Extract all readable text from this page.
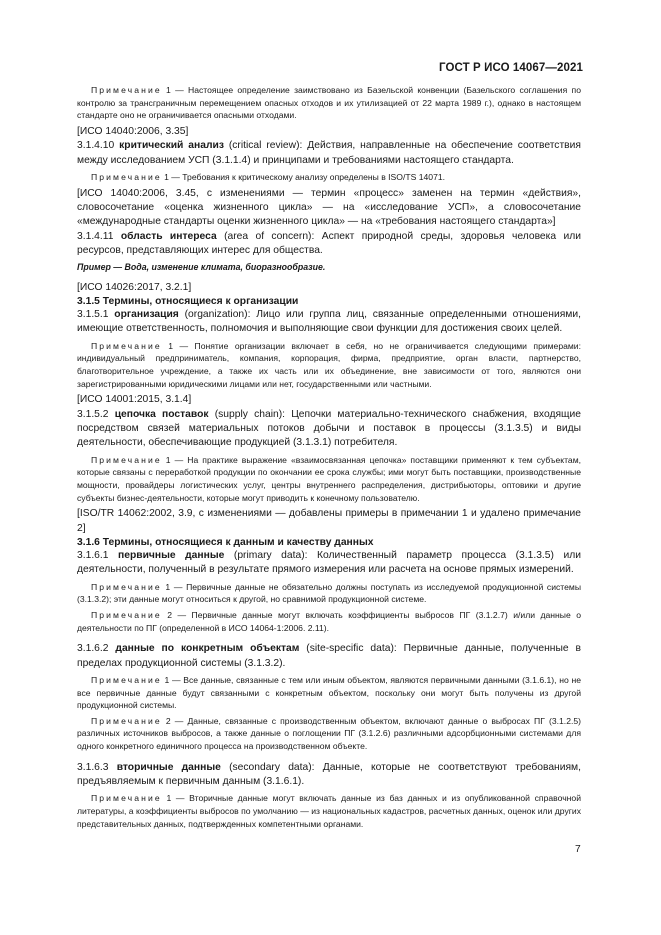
ГОСТ Р ИСО 14067—2021

Примечание 1 — Настоящее определение заимствовано из Базельской конвенции (Базельского соглашения по контролю за трансграничным перемещением опасных отходов и их утилизацией от 22 марта 1989 г.), однако в настоящем стандарте оно не ограничивается опасными отходами.

[ИСО 14040:2006, 3.35]

3.1.4.10 критический анализ (critical review): Действия, направленные на обеспечение соответствия между исследованием УСП (3.1.1.4) и принципами и требованиями настоящего стандарта.

Примечание 1 — Требования к критическому анализу определены в ISO/TS 14071.

[ИСО 14040:2006, 3.45, с изменениями — термин «процесс» заменен на термин «действия», словосочетание «оценка жизненного цикла» — на «исследование УСП», а словосочетание «международные стандарты оценки жизненного цикла» — на «требования настоящего стандарта»]

3.1.4.11 область интереса (area of concern): Аспект природной среды, здоровья человека или ресурсов, представляющих интерес для общества.

Пример — Вода, изменение климата, биоразнообразие.

[ИСО 14026:2017, 3.2.1]

3.1.5 Термины, относящиеся к организации

3.1.5.1 организация (organization): Лицо или группа лиц, связанные определенными отношениями, имеющие ответственность, полномочия и выполняющие свои функции для достижения своих целей.

Примечание 1 — Понятие организации включает в себя, но не ограничивается следующими примерами: индивидуальный предприниматель, компания, корпорация, фирма, предприятие, орган власти, партнерство, благотворительное учреждение, а также их часть или их объединение, вне зависимости от того, являются они зарегистрированными юридическими лицами или нет, государственными или частными.

[ИСО 14001:2015, 3.1.4]

3.1.5.2 цепочка поставок (supply chain): Цепочки материально-технического снабжения, входящие посредством связей материальных потоков добычи и поставок в процессы (3.1.3.5) и виды деятельности, обеспечивающие продукцией (3.1.3.1) потребителя.

Примечание 1 — На практике выражение «взаимосвязанная цепочка» поставщики применяют к тем субъектам, которые связаны с переработкой продукции по окончании ее срока службы; ими могут быть поставщики, производственные мощности, провайдеры логистических услуг, центры внутреннего распределения, дистрибьюторы, оптовики и другие субъекты бизнес-деятельности, которые могут приводить к конечному пользователю.

[ISO/TR 14062:2002, 3.9, с изменениями — добавлены примеры в примечании 1 и удалено примечание 2]

3.1.6 Термины, относящиеся к данным и качеству данных

3.1.6.1 первичные данные (primary data): Количественный параметр процесса (3.1.3.5) или деятельности, полученный в результате прямого измерения или расчета на основе прямых измерений.

Примечание 1 — Первичные данные не обязательно должны поступать из исследуемой продукционной системы (3.1.3.2); эти данные могут относиться к другой, но сравнимой продукционной системе.

Примечание 2 — Первичные данные могут включать коэффициенты выбросов ПГ (3.1.2.7) и/или данные о деятельности по ПГ (определенной в ИСО 14064-1:2006. 2.11).

3.1.6.2 данные по конкретным объектам (site-specific data): Первичные данные, полученные в пределах продукционной системы (3.1.3.2).

Примечание 1 — Все данные, связанные с тем или иным объектом, являются первичными данными (3.1.6.1), но не все первичные данные будут связанными с конкретным объектом, поскольку они могут быть получены из другой продукционной системы.

Примечание 2 — Данные, связанные с производственным объектом, включают данные о выбросах ПГ (3.1.2.5) различных источников выбросов, а также данные о поглощении ПГ (3.1.2.6) различными адсорбционными системами для одного конкретного единичного процесса на производственном объекте.

3.1.6.3 вторичные данные (secondary data): Данные, которые не соответствуют требованиям, предъявляемым к первичным данным (3.1.6.1).

Примечание 1 — Вторичные данные могут включать данные из баз данных и из опубликованной справочной литературы, а коэффициенты выбросов по умолчанию — из национальных кадастров, расчетных данных, оценок или других представительных данных, подтвержденных компетентными органами.

7
